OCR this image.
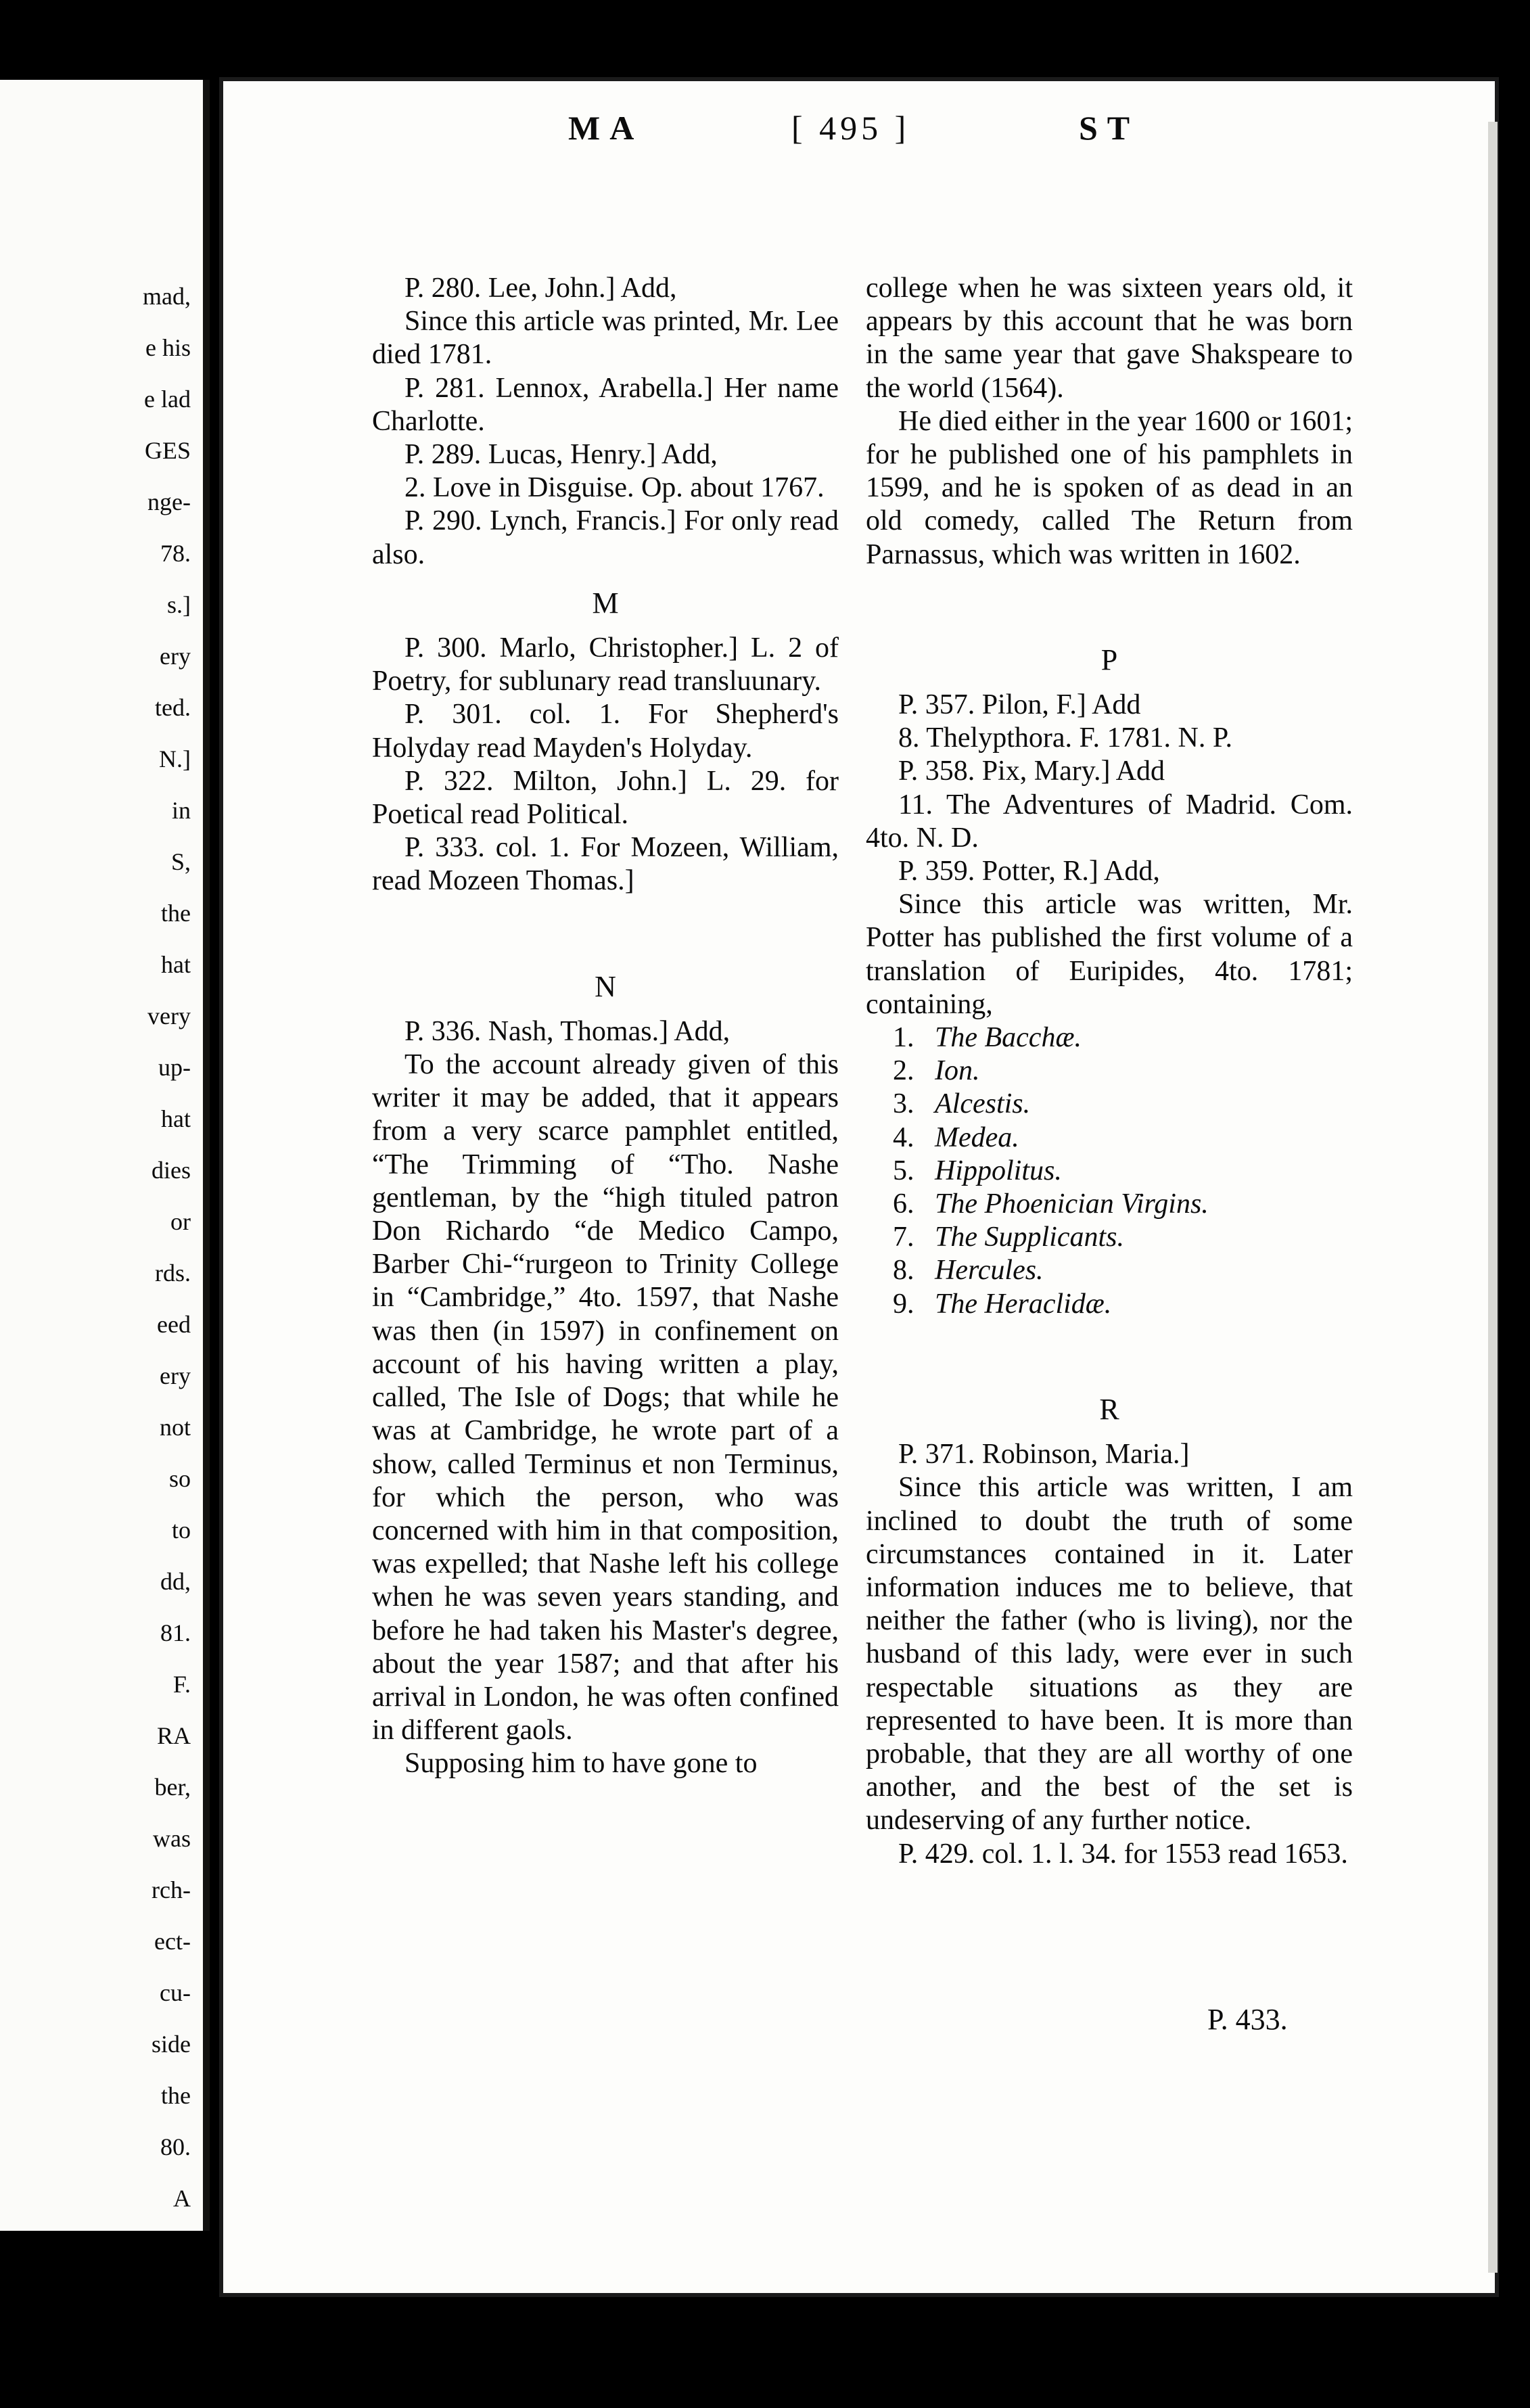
mad,
e his
e lad
GES
nge-
78.
s.]
ery
ted.
N.]
in
S,
the
hat
very
up-
hat
dies
or
rds.
eed
ery
not
so
to
dd,
81.
F.
RA
ber,
was
rch-
ect-
cu-
side
the
80.
A
MA	[ 495 ]	ST

P. 280. Lee, John.] Add,

Since this article was printed, Mr. Lee died 1781.

P. 281. Lennox, Arabella.] Her name Charlotte.

P. 289. Lucas, Henry.] Add,

2. Love in Disguise. Op. about 1767.

P. 290. Lynch, Francis.] For only read also.

M

P. 300. Marlo, Christopher.] L. 2 of Poetry, for sublunary read transluunary.

P. 301. col. 1. For Shepherd's Holyday read Mayden's Holyday.

P. 322. Milton, John.] L. 29. for Poetical read Political.

P. 333. col. 1. For Mozeen, William, read Mozeen Thomas.]

N

P. 336. Nash, Thomas.] Add,

To the account already given of this writer it may be added, that it appears from a very scarce pamphlet entitled, “The Trimming of “Tho. Nashe gentleman, by the “high tituled patron Don Richardo “de Medico Campo, Barber Chi-“rurgeon to Trinity College in “Cambridge,” 4to. 1597, that Nashe was then (in 1597) in confinement on account of his having written a play, called, The Isle of Dogs; that while he was at Cambridge, he wrote part of a show, called Terminus et non Terminus, for which the person, who was concerned with him in that composition, was expelled; that Nashe left his college when he was seven years standing, and before he had taken his Master's degree, about the year 1587; and that after his arrival in London, he was often confined in different gaols.

Supposing him to have gone to

college when he was sixteen years old, it appears by this account that he was born in the same year that gave Shakspeare to the world (1564).

He died either in the year 1600 or 1601; for he published one of his pamphlets in 1599, and he is spoken of as dead in an old comedy, called The Return from Parnassus, which was written in 1602.

P

P. 357. Pilon, F.] Add

8. Thelypthora. F. 1781. N. P.

P. 358. Pix, Mary.] Add

11. The Adventures of Madrid. Com. 4to. N. D.

P. 359. Potter, R.] Add,

Since this article was written, Mr. Potter has published the first volume of a translation of Euripides, 4to. 1781; containing,

1. The Bacchæ.

2. Ion.

3. Alcestis.

4. Medea.

5. Hippolitus.

6. The Phoenician Virgins.

7. The Supplicants.

8. Hercules.

9. The Heraclidæ.

R

P. 371. Robinson, Maria.]

Since this article was written, I am inclined to doubt the truth of some circumstances contained in it. Later information induces me to believe, that neither the father (who is living), nor the husband of this lady, were ever in such respectable situations as they are represented to have been. It is more than probable, that they are all worthy of one another, and the best of the set is undeserving of any further notice.

P. 429. col. 1. l. 34. for 1553 read 1653.

P. 433.
